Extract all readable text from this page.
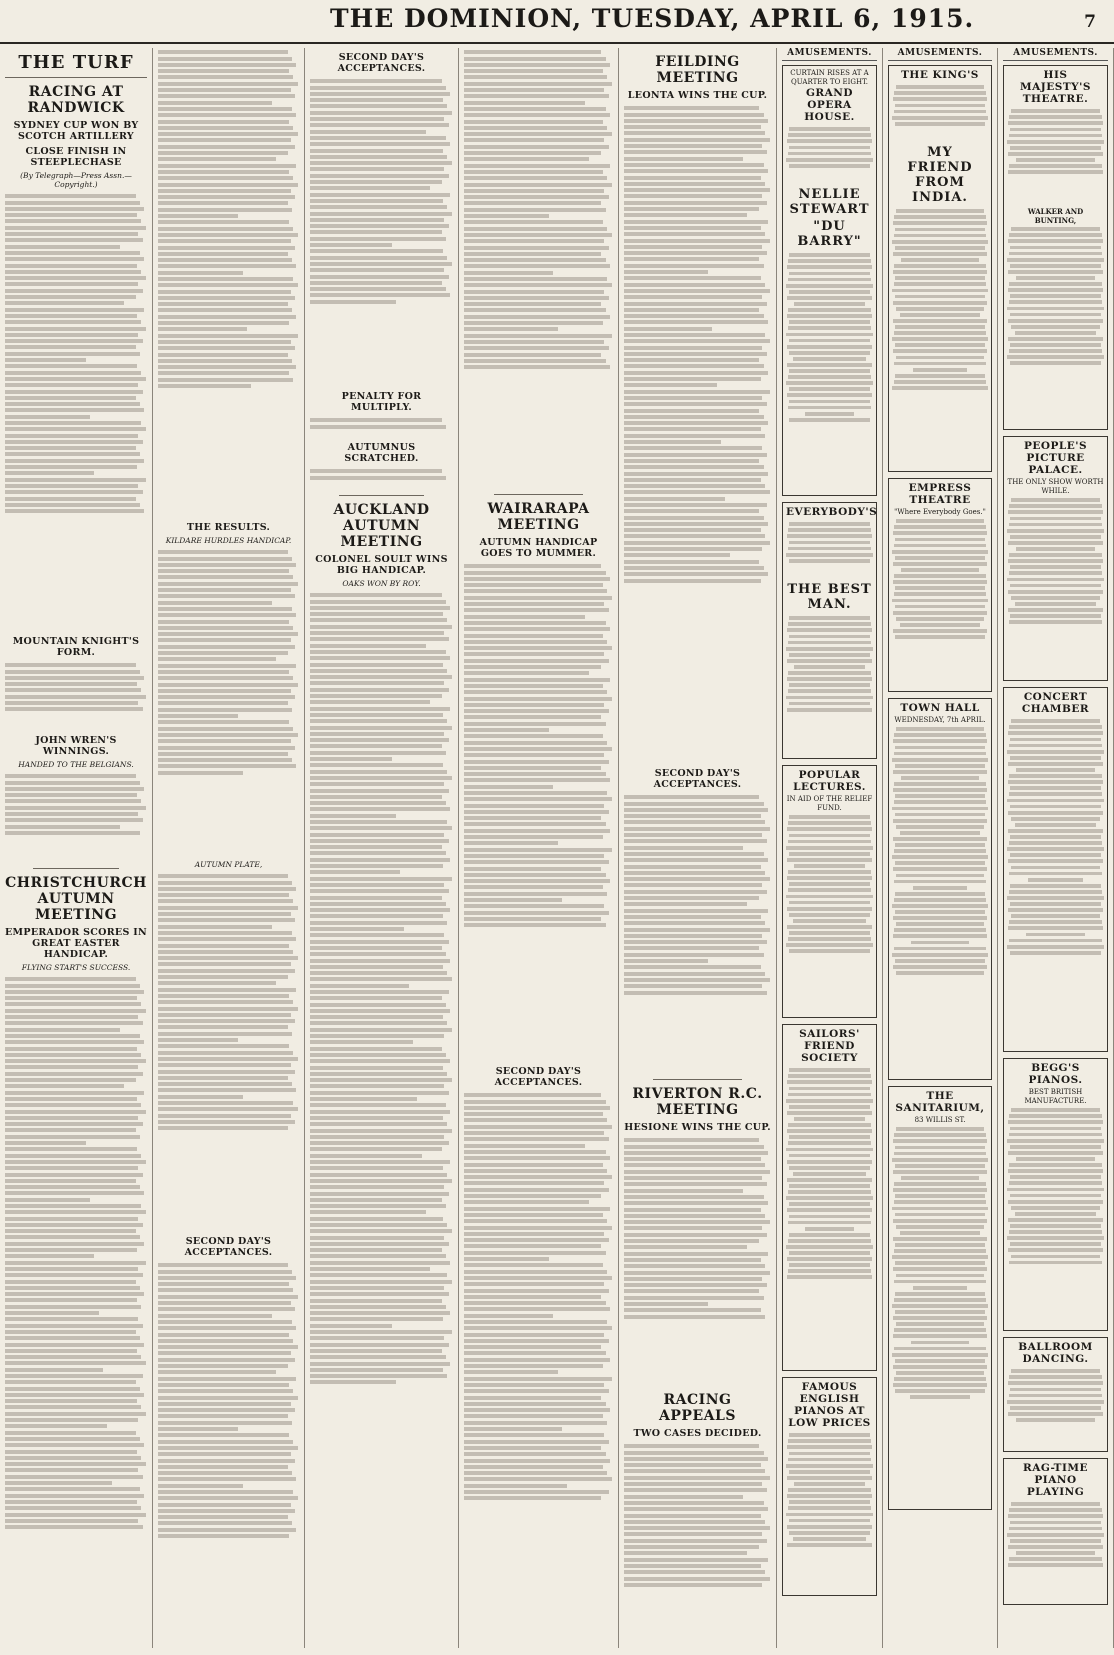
THE DOMINION, TUESDAY, APRIL 6, 1915.	7
THE TURF
RACING AT RANDWICK
SYDNEY CUP WON BY SCOTCH ARTILLERY
CLOSE FINISH IN STEEPLECHASE
(By Telegraph—Press Assn.—Copyright.)
MOUNTAIN KNIGHT'S FORM.
JOHN WREN'S WINNINGS.
HANDED TO THE BELGIANS.
CHRISTCHURCH AUTUMN MEETING
EMPERADOR SCORES IN GREAT EASTER HANDICAP.
FLYING START'S SUCCESS.
THE RESULTS.
KILDARE HURDLES HANDICAP.
AUTUMN PLATE,
SECOND DAY'S ACCEPTANCES.
SECOND DAY'S ACCEPTANCES.
PENALTY FOR MULTIPLY.
AUTUMNUS SCRATCHED.
AUCKLAND AUTUMN MEETING
COLONEL SOULT WINS BIG HANDICAP.
OAKS WON BY ROY.
WAIRARAPA MEETING
AUTUMN HANDICAP GOES TO MUMMER.
SECOND DAY'S ACCEPTANCES.
FEILDING MEETING
LEONTA WINS THE CUP.
SECOND DAY'S ACCEPTANCES.
RIVERTON R.C. MEETING
HESIONE WINS THE CUP.
RACING APPEALS
TWO CASES DECIDED.
AMUSEMENTS.
CURTAIN RISES AT A QUARTER TO EIGHT.
GRAND OPERA HOUSE.
NELLIE STEWART
"DU BARRY"
EVERYBODY'S
THE BEST MAN.
POPULAR LECTURES.
IN AID OF THE RELIEF FUND.
SAILORS' FRIEND SOCIETY
FAMOUS ENGLISH PIANOS AT LOW PRICES
AMUSEMENTS.
THE KING'S
MY FRIEND FROM INDIA.
EMPRESS THEATRE
"Where Everybody Goes."
TOWN HALL
WEDNESDAY, 7th APRIL.
THE SANITARIUM,
83 WILLIS ST.
AMUSEMENTS.
HIS MAJESTY'S THEATRE.
WALKER AND BUNTING,
PEOPLE'S PICTURE PALACE.
THE ONLY SHOW WORTH WHILE.
CONCERT CHAMBER
BEGG'S PIANOS.
BEST BRITISH MANUFACTURE.
BALLROOM DANCING.
RAG-TIME PIANO PLAYING
